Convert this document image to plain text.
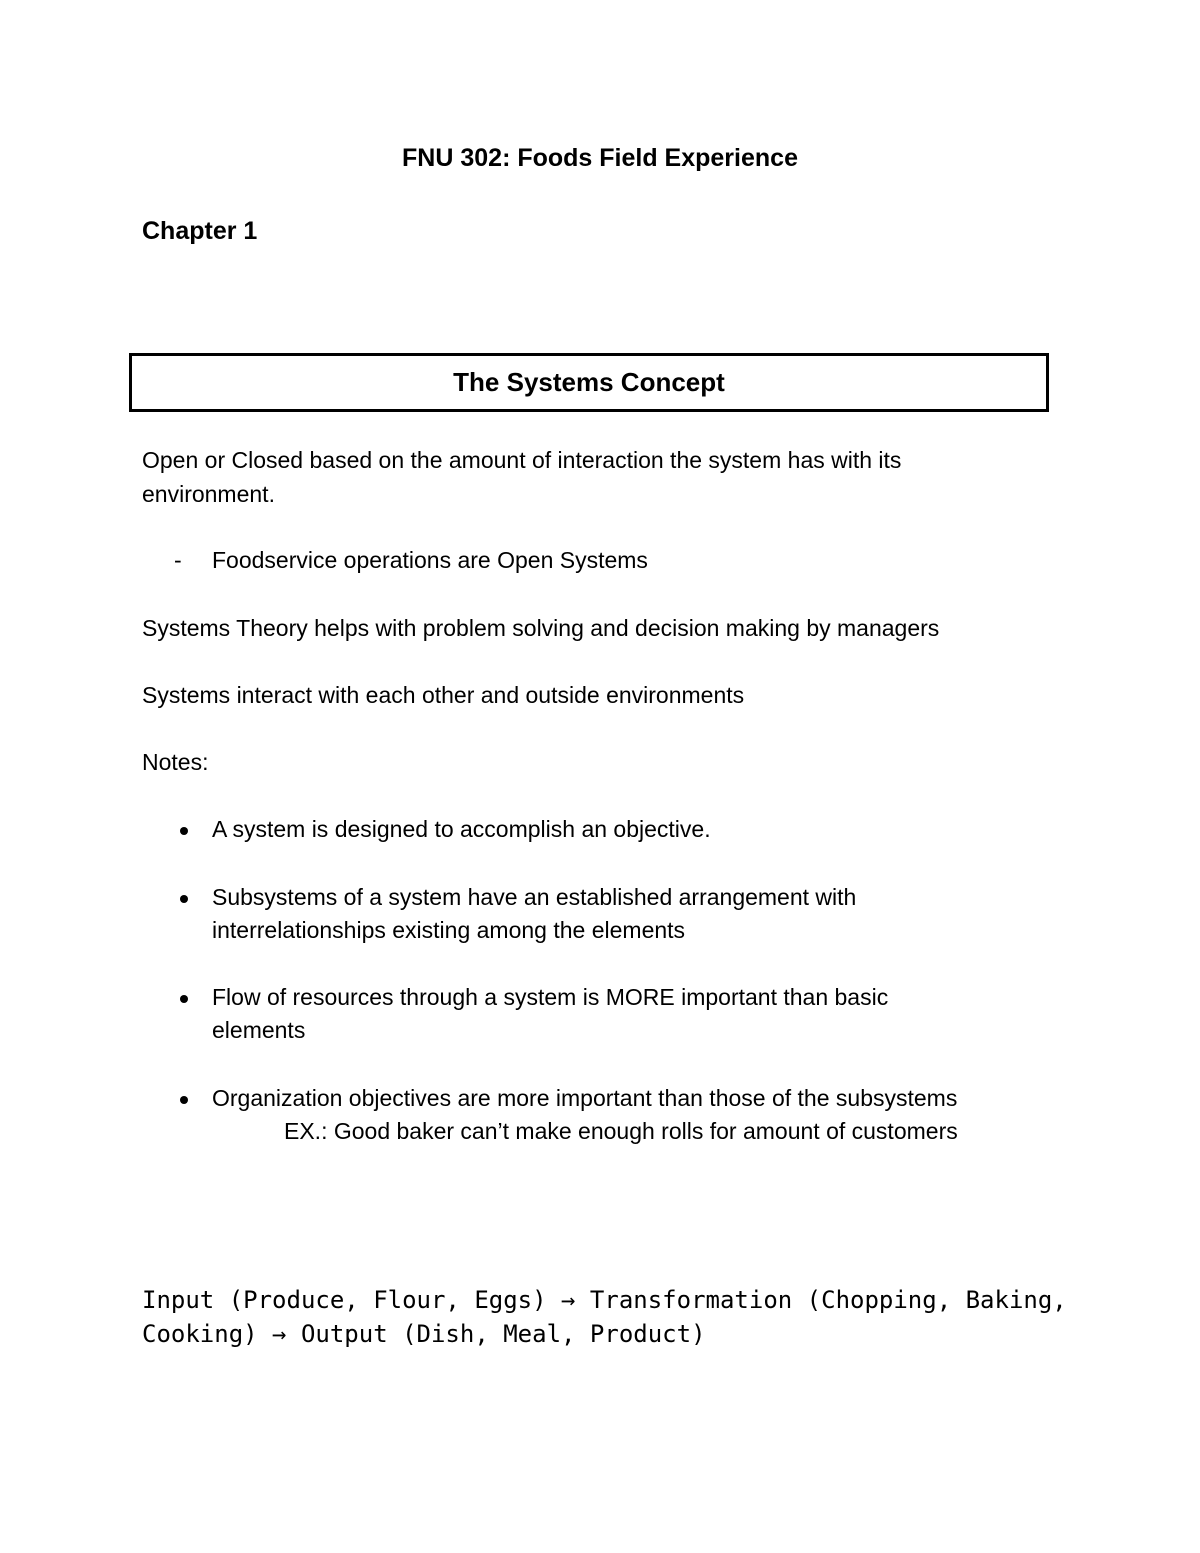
FNU 302: Foods Field Experience
Chapter 1
The Systems Concept

Open or Closed based on the amount of interaction the system has with its

environment.

- Foodservice operations are Open Systems

Systems Theory helps with problem solving and decision making by managers

Systems interact with each other and outside environments

Notes:

A system is designed to accomplish an objective.

Subsystems of a system have an established arrangement with

interrelationships existing among the elements

Flow of resources through a system is MORE important than basic

elements

Organization objectives are more important than those of the subsystems

EX.: Good baker can’t make enough rolls for amount of customers

Input (Produce, Flour, Eggs) → Transformation (Chopping, Baking,

Cooking) → Output (Dish, Meal, Product)
